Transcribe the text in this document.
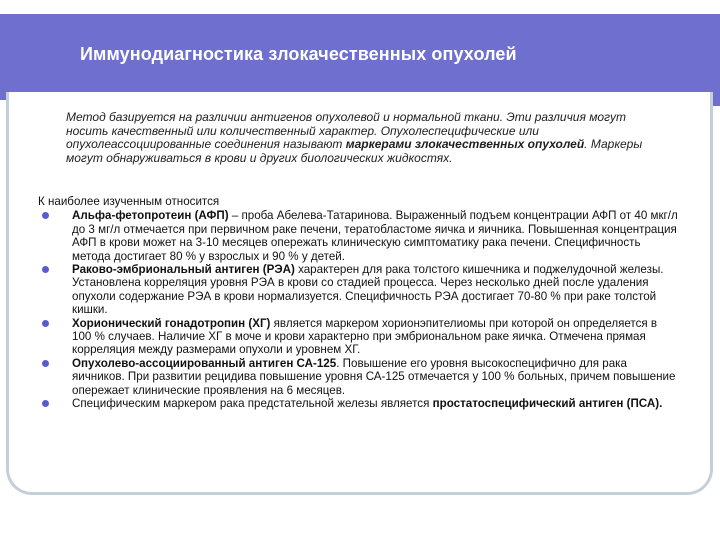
Иммунодиагностика злокачественных опухолей
Метод базируется на различии антигенов опухолевой и нормальной ткани. Эти различия могут носить качественный или количественный характер. Опухолеспецифические или опухолеассоциированные соединения называют маркерами злокачественных опухолей. Маркеры могут обнаруживаться в крови и других биологических жидкостях.
К наиболее изученным относится
Альфа-фетопротеин (АФП) – проба Абелева-Татаринова. Выраженный подъем концентрации АФП от 40 мкг/л до 3 мг/л отмечается при первичном раке печени, тератобластоме яичка и яичника. Повышенная концентрация АФП в крови может на 3-10 месяцев опережать клиническую симптоматику рака печени. Специфичность метода достигает 80 % у взрослых и 90 % у детей.
Раково-эмбриональный антиген (РЭА) характерен для рака толстого кишечника и поджелудочной железы. Установлена корреляция уровня РЭА в крови со стадией процесса. Через несколько дней после удаления опухоли содержание РЭА в крови нормализуется. Специфичность РЭА достигает 70-80 % при раке толстой кишки.
Хорионический гонадотропин (ХГ) является маркером хорионэпителиомы при которой он определяется в 100 % случаев. Наличие ХГ в моче и крови характерно при эмбриональном раке яичка. Отмечена прямая корреляция между размерами опухоли и уровнем ХГ.
Опухолево-ассоциированный антиген СА-125. Повышение его уровня высокоспецифично для рака яичников. При развитии рецидива повышение уровня СА-125 отмечается у 100 % больных, причем повышение опережает клинические проявления на 6 месяцев.
Специфическим маркером рака предстательной железы является простатоспецифический антиген (ПСА).
